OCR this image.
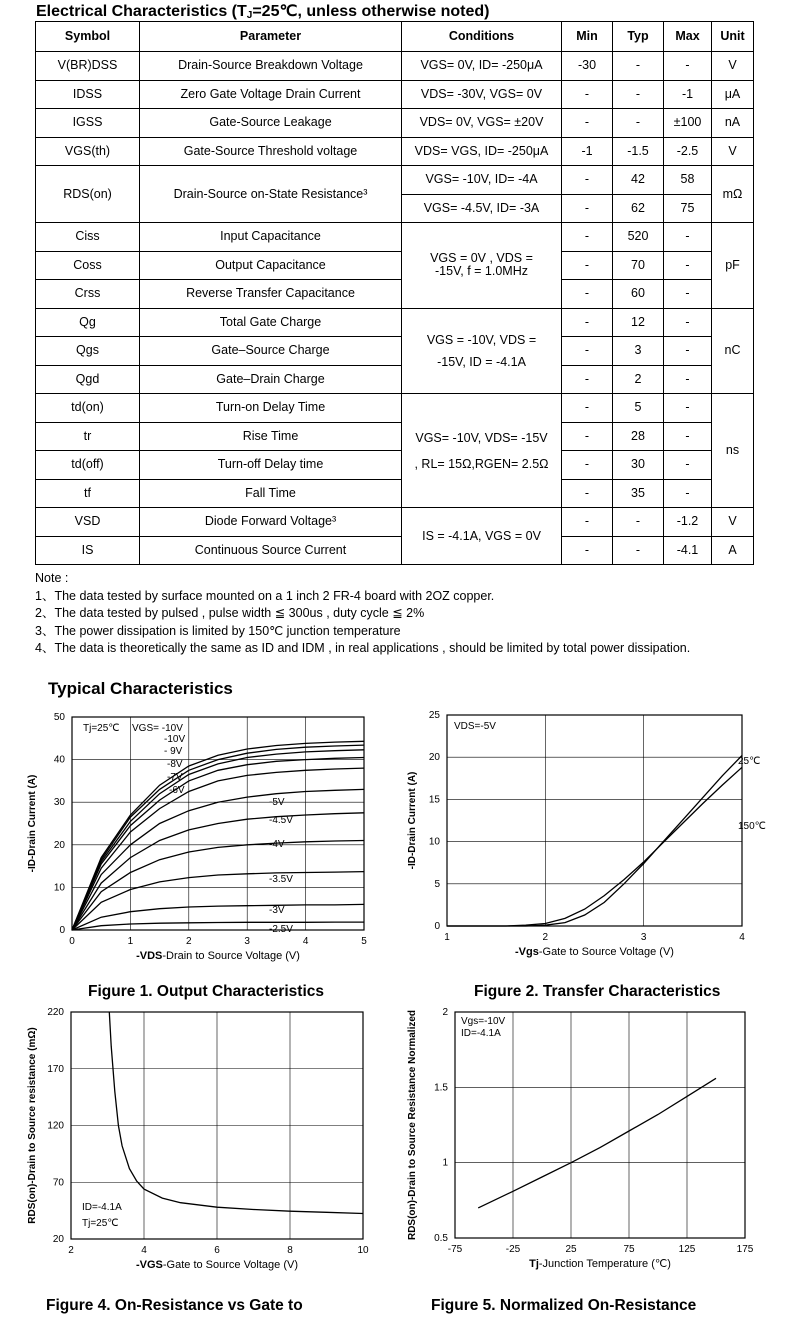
Electrical Characteristics ($T_J=25℃$, unless otherwise noted)
Symbol	Parameter	Conditions	Min	Typ	Max	Unit
V(BR)DSS	Drain-Source Breakdown Voltage	VGS= 0V, ID= -250μA	-30	-	-	V
IDSS	Zero Gate Voltage Drain Current	VDS= -30V, VGS= 0V	-	-	-1	μA
IGSS	Gate-Source Leakage	VDS= 0V, VGS= ±20V	-	-	±100	nA
VGS(th)	Gate-Source Threshold voltage	VDS= VGS, ID= -250μA	-1	-1.5	-2.5	V
RDS(on)	Drain-Source on-State Resistance³	VGS= -10V, ID= -4A	-	42	58	mΩ
		VGS= -4.5V, ID= -3A	-	62	75	
Ciss	Input Capacitance	VGS = 0V , VDS = -15V, f = 1.0MHz	-	520	-	pF
Coss	Output Capacitance		-	70	-	
Crss	Reverse Transfer Capacitance		-	60	-	
Qg	Total Gate Charge	VGS = -10V, VDS = -15V, ID = -4.1A	-	12	-	nC
Qgs	Gate–Source Charge		-	3	-	
Qgd	Gate–Drain Charge		-	2	-	
td(on)	Turn-on Delay Time	VGS= -10V, VDS= -15V , RL= 15Ω,RGEN= 2.5Ω	-	5	-	ns
tr	Rise Time		-	28	-	
td(off)	Turn-off Delay time		-	30	-	
tf	Fall Time		-	35	-	
VSD	Diode Forward Voltage³	IS = -4.1A, VGS = 0V	-	-	-1.2	V
IS	Continuous Source Current		-	-	-4.1	A
Note :
1、The data tested by surface mounted on a 1 inch 2 FR-4 board with 2OZ copper.
2、The data tested by pulsed , pulse width ≦ 300us , duty cycle ≦ 2%
3、The power dissipation is limited by 150℃ junction temperature
4、The data is theoretically the same as ID and IDM , in real applications , should be limited by total power dissipation.
Typical Characteristics
0	1	2	3	4	5
0
10
20
30
40
50
-VDS-Drain to Source Voltage (V)
-ID-Drain Current (A)
-10V
- 9V
-8V
-7V
-6V
-5V
-4.5V
-4V
-3.5V
-3V
-2.5V
Tj=25℃ VGS= -10V
1	2	3	4
0
5
10
15
20
25
-Vgs-Gate to Source Voltage (V)
-ID-Drain Current (A)
25℃
150℃
VDS=-5V
2	4	6	8	10
20
70
120
170
220
-VGS-Gate to Source Voltage (V)
RDS(on)-Drain to Source resistance (mΩ)	ID=-4.1A
Tj=25℃
-75	-25	25	75	125	175
0.5
1
1.5
2
Tj-Junction Temperature (℃)
RDS(on)-Drain to Source Resistance Normalized	Vgs=-10V
ID=-4.1A
Figure 1. Output Characteristics	Figure 2. Transfer Characteristics
Figure 4. On-Resistance vs Gate to	Figure 5. Normalized On-Resistance
